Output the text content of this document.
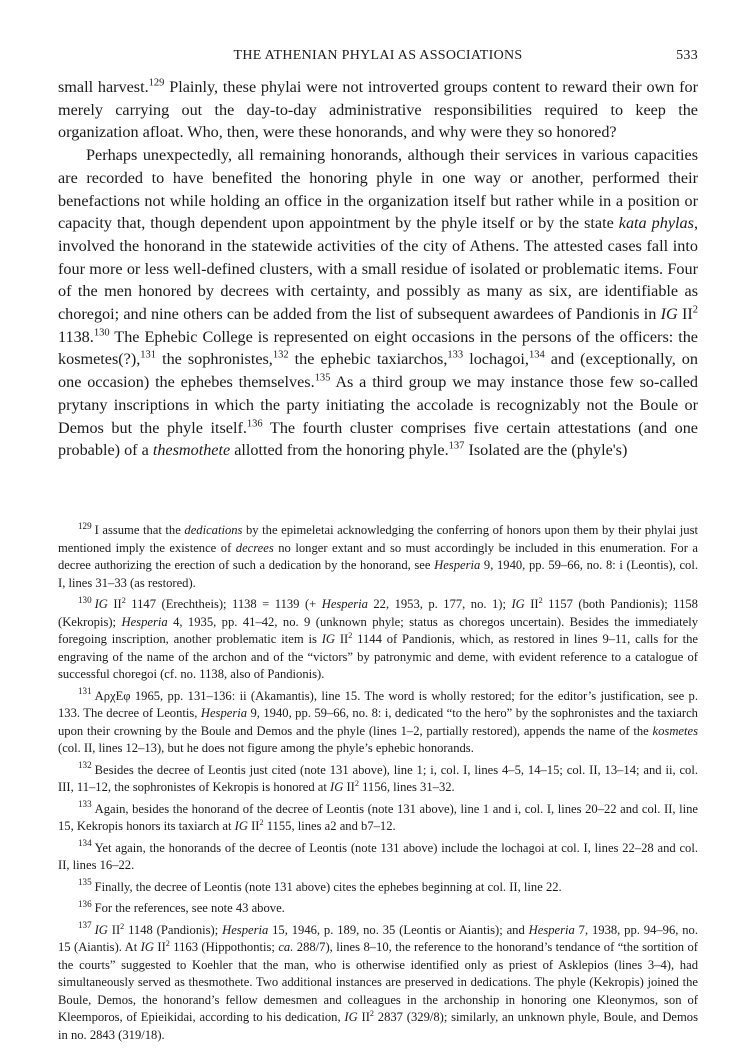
THE ATHENIAN PHYLAI AS ASSOCIATIONS	533

small harvest.$^{129}$ Plainly, these phylai were not introverted groups content to reward their own for merely carrying out the day-to-day administrative responsibilities required to keep the organization afloat. Who, then, were these honorands, and why were they so honored?

Perhaps unexpectedly, all remaining honorands, although their services in various capacities are recorded to have benefited the honoring phyle in one way or another, performed their benefactions not while holding an office in the organization itself but rather while in a position or capacity that, though dependent upon appointment by the phyle itself or by the state kata phylas, involved the honorand in the statewide activities of the city of Athens. The attested cases fall into four more or less well-defined clusters, with a small residue of isolated or problematic items. Four of the men honored by decrees with certainty, and possibly as many as six, are identifiable as choregoi; and nine others can be added from the list of subsequent awardees of Pandionis in IG $II^2$ 1138.$^{130}$ The Ephebic College is represented on eight occasions in the persons of the officers: the kosmetes(?),$^{131}$ the sophronistes,$^{132}$ the ephebic taxiarchos,$^{133}$ lochagoi,$^{134}$ and (exceptionally, on one occasion) the ephebes themselves.$^{135}$ As a third group we may instance those few so-called prytany inscriptions in which the party initiating the accolade is recognizably not the Boule or Demos but the phyle itself.$^{136}$ The fourth cluster comprises five certain attestations (and one probable) of a thesmothete allotted from the honoring phyle.$^{137}$ Isolated are the (phyle's)

$^{129}$ I assume that the dedications by the epimeletai acknowledging the conferring of honors upon them by their phylai just mentioned imply the existence of decrees no longer extant and so must accordingly be included in this enumeration. For a decree authorizing the erection of such a dedication by the honorand, see Hesperia 9, 1940, pp. 59–66, no. 8: i (Leontis), col. I, lines 31–33 (as restored).

$^{130}$ IG $II^2$ 1147 (Erechtheis); 1138 = 1139 (+ Hesperia 22, 1953, p. 177, no. 1); IG $II^2$ 1157 (both Pandionis); 1158 (Kekropis); Hesperia 4, 1935, pp. 41–42, no. 9 (unknown phyle; status as choregos uncertain). Besides the immediately foregoing inscription, another problematic item is IG $II^2$ 1144 of Pandionis, which, as restored in lines 9–11, calls for the engraving of the name of the archon and of the “victors” by patronymic and deme, with evident reference to a catalogue of successful choregoi (cf. no. 1138, also of Pandionis).

$^{131}$ ΑρχΕφ 1965, pp. 131–136: ii (Akamantis), line 15. The word is wholly restored; for the editor’s justification, see p. 133. The decree of Leontis, Hesperia 9, 1940, pp. 59–66, no. 8: i, dedicated “to the hero” by the sophronistes and the taxiarch upon their crowning by the Boule and Demos and the phyle (lines 1–2, partially restored), appends the name of the kosmetes (col. II, lines 12–13), but he does not figure among the phyle’s ephebic honorands.

$^{132}$ Besides the decree of Leontis just cited (note 131 above), line 1; i, col. I, lines 4–5, 14–15; col. II, 13–14; and ii, col. III, 11–12, the sophronistes of Kekropis is honored at IG $II^2$ 1156, lines 31–32.

$^{133}$ Again, besides the honorand of the decree of Leontis (note 131 above), line 1 and i, col. I, lines 20–22 and col. II, line 15, Kekropis honors its taxiarch at IG $II^2$ 1155, lines a2 and b7–12.

$^{134}$ Yet again, the honorands of the decree of Leontis (note 131 above) include the lochagoi at col. I, lines 22–28 and col. II, lines 16–22.

$^{135}$ Finally, the decree of Leontis (note 131 above) cites the ephebes beginning at col. II, line 22.

$^{136}$ For the references, see note 43 above.

$^{137}$ IG $II^2$ 1148 (Pandionis); Hesperia 15, 1946, p. 189, no. 35 (Leontis or Aiantis); and Hesperia 7, 1938, pp. 94–96, no. 15 (Aiantis). At IG $II^2$ 1163 (Hippothontis; ca. 288/7), lines 8–10, the reference to the honorand’s tendance of “the sortition of the courts” suggested to Koehler that the man, who is otherwise identified only as priest of Asklepios (lines 3–4), had simultaneously served as thesmothete. Two additional instances are preserved in dedications. The phyle (Kekropis) joined the Boule, Demos, the honorand’s fellow demesmen and colleagues in the archonship in honoring one Kleonymos, son of Kleemporos, of Epieikidai, according to his dedication, IG $II^2$ 2837 (329/8); similarly, an unknown phyle, Boule, and Demos in no. 2843 (319/18).
